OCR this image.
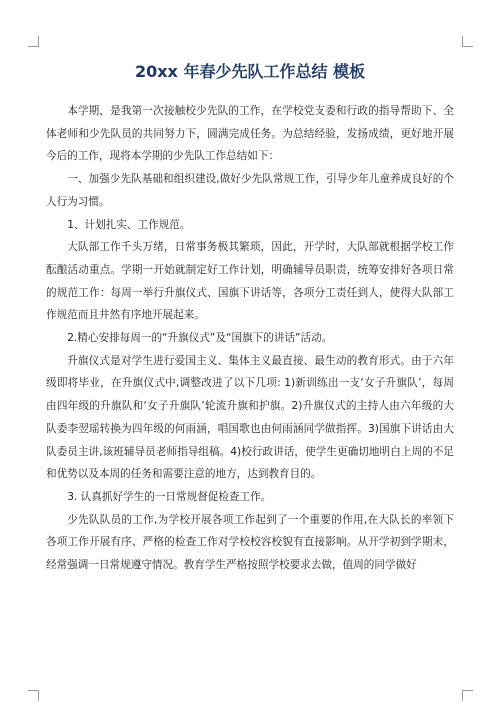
20xx 年春少先队工作总结 模板

本学期，是我第一次接触校少先队的工作，在学校党支委和行政的指导帮助下、全体老师和少先队员的共同努力下，圆满完成任务。为总结经验，发扬成绩，更好地开展今后的工作，现将本学期的少先队工作总结如下：

一、加强少先队基础和组织建设,做好少先队常规工作，引导少年儿童养成良好的个人行为习惯。

1、计划扎实、工作规范。

大队部工作千头万绪，日常事务极其繁琐，因此，开学时，大队部就根据学校工作酝酿活动重点。学期一开始就制定好工作计划，明确辅导员职责，统筹安排好各项日常的规范工作：每周一举行升旗仪式、国旗下讲话等，各项分工责任到人，使得大队部工作规范而且井然有序地开展起来。

2.精心安排每周一的“升旗仪式”及“国旗下的讲话”活动。

升旗仪式是对学生进行爱国主义、集体主义最直接、最生动的教育形式。由于六年级即将毕业，在升旗仪式中,调整改进了以下几项: 1)新训练出一支‘女子升旗队’，每周由四年级的升旗队和‘女子升旗队’轮流升旗和护旗。2)升旗仪式的主持人由六年级的大队委李翌瑶转换为四年级的何雨涵，唱国歌也由何雨涵同学做指挥。3)国旗下讲话由大队委员主讲,该班辅导员老师指导组稿。4)校行政讲话，使学生更确切地明白上周的不足和优势以及本周的任务和需要注意的地方，达到教育目的。

3. 认真抓好学生的一日常规督促检查工作。

少先队队员的工作,为学校开展各项工作起到了一个重要的作用,在大队长的率领下各项工作开展有序、严格的检查工作对学校校容校貌有直接影响。从开学初到学期末，经常强调一日常规遵守情况。教育学生严格按照学校要求去做，值周的同学做好
